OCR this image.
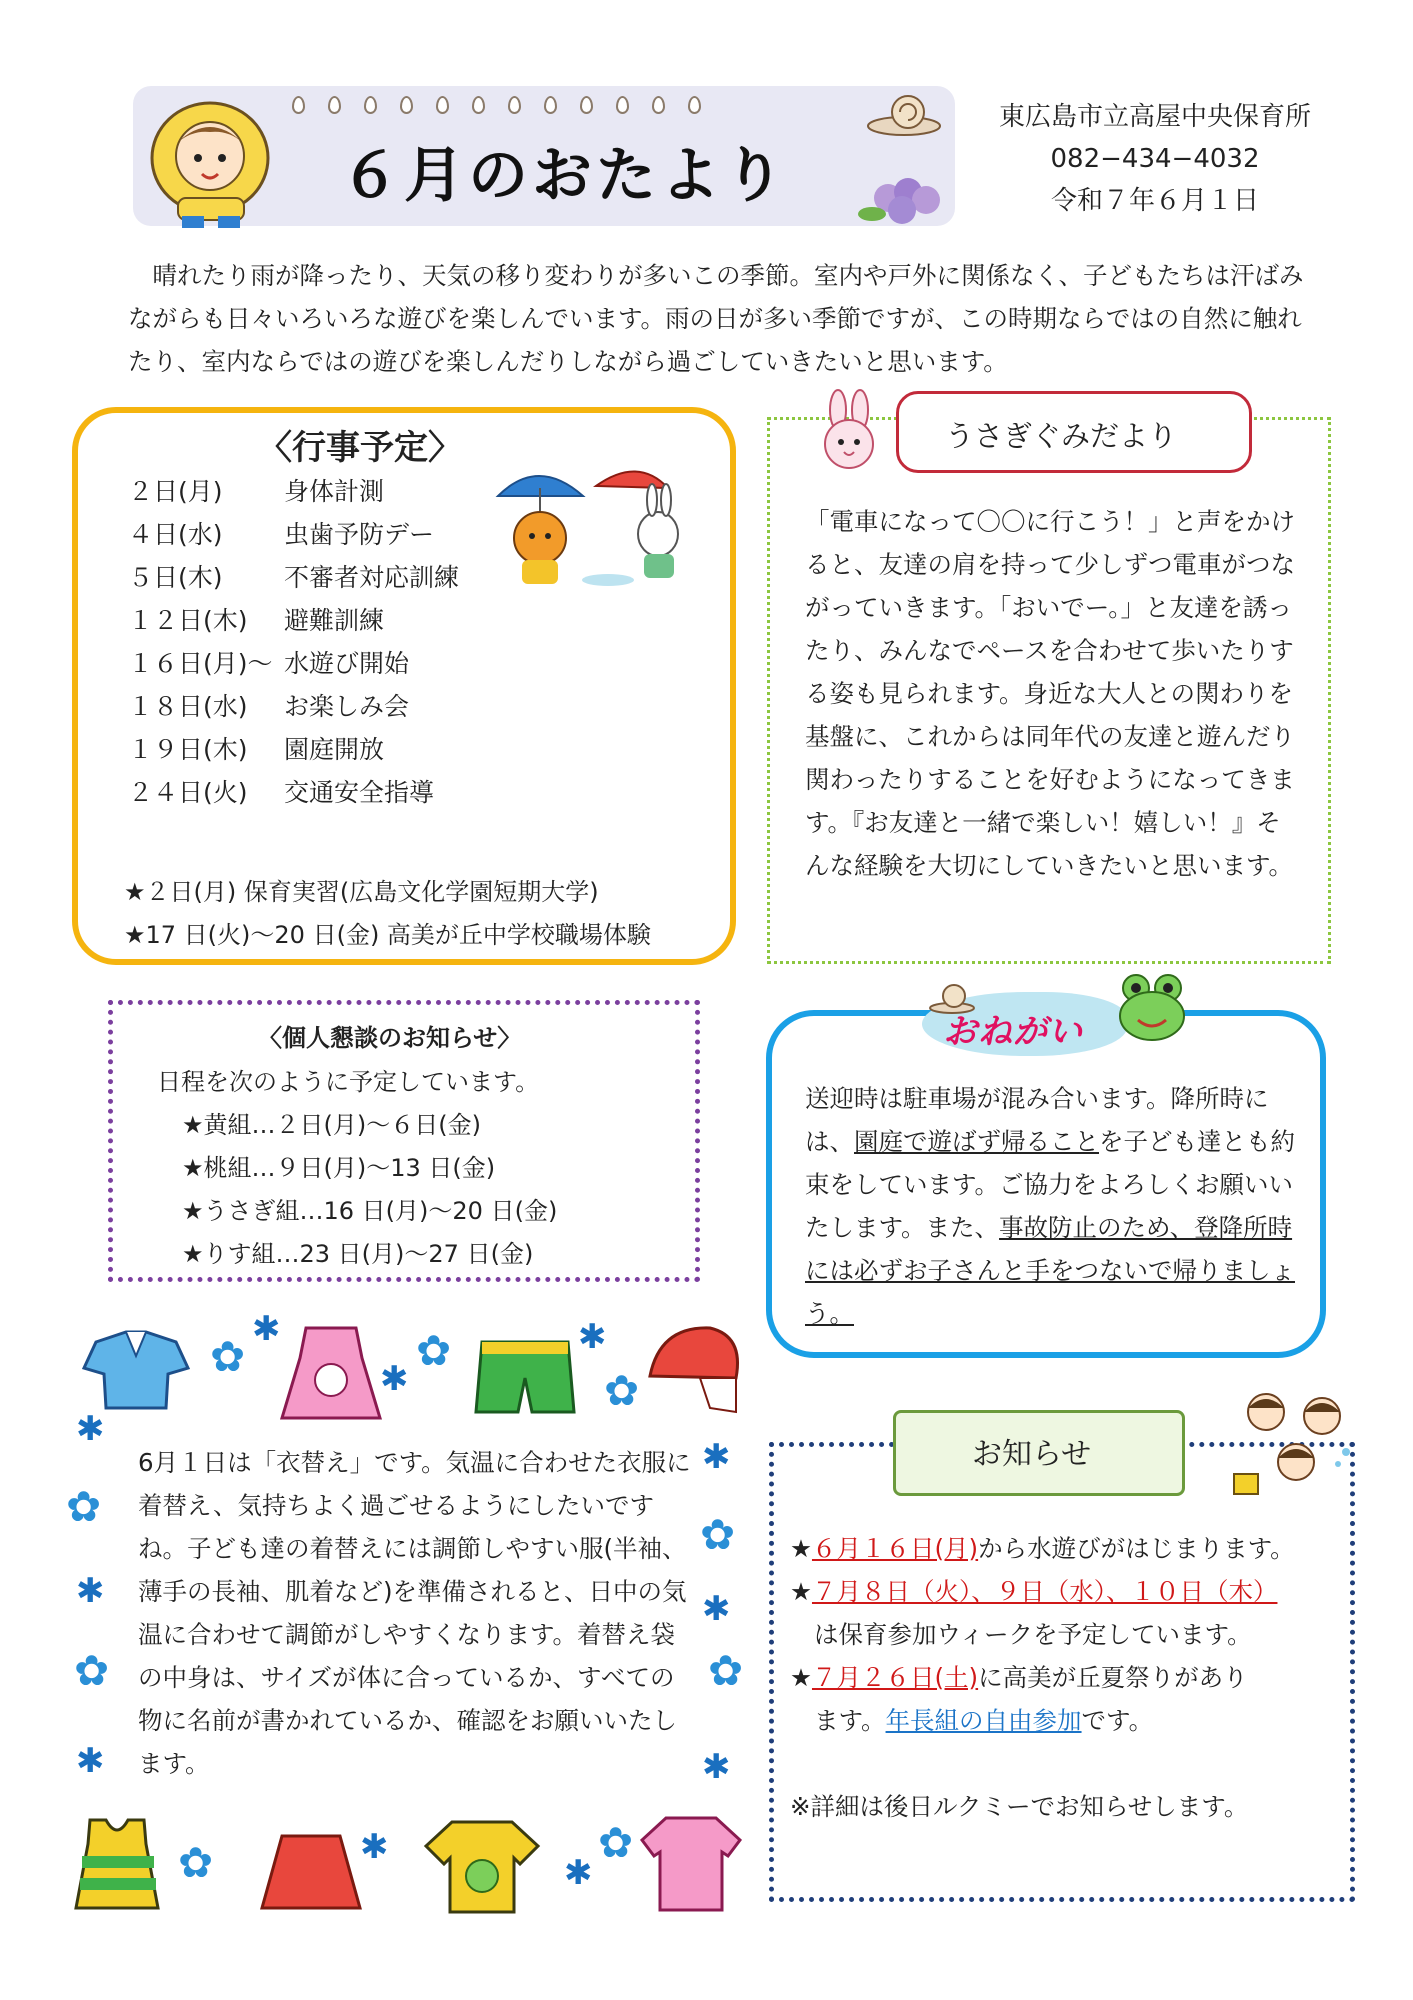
６月のおたより
東広島市立高屋中央保育所
082−434−4032
令和７年６月１日
晴れたり雨が降ったり、天気の移り変わりが多いこの季節。室内や戸外に関係なく、子どもたちは汗ばみながらも日々いろいろな遊びを楽しんでいます。雨の日が多い季節ですが、この時期ならではの自然に触れたり、室内ならではの遊びを楽しんだりしながら過ごしていきたいと思います。
〈行事予定〉
２日(月)	身体計測
４日(水)	虫歯予防デー
５日(木)	不審者対応訓練
１２日(木)	避難訓練
１６日(月)〜 水遊び開始
１８日(水)	お楽しみ会
１９日(木)	園庭開放
２４日(火)	交通安全指導
★２日(月) 保育実習(広島文化学園短期大学)
★17 日(火)〜20 日(金) 高美が丘中学校職場体験
うさぎぐみだより
「電車になって〇〇に行こう！」と声をかけると、友達の肩を持って少しずつ電車がつながっていきます。「おいでー。」と友達を誘ったり、みんなでペースを合わせて歩いたりする姿も見られます。身近な大人との関わりを基盤に、これからは同年代の友達と遊んだり関わったりすることを好むようになってきます。『お友達と一緒で楽しい！嬉しい！』そんな経験を大切にしていきたいと思います。
〈個人懇談のお知らせ〉
日程を次のように予定しています。
★黄組…２日(月)〜６日(金)
★桃組…９日(月)〜13 日(金)
★うさぎ組…16 日(月)〜20 日(金)
★りす組…23 日(月)〜27 日(金)
おねがい
送迎時は駐車場が混み合います。降所時には、園庭で遊ばず帰ることを子ども達とも約束をしています。ご協力をよろしくお願いいたします。また、事故防止のため、登降所時には必ずお子さんと手をつないで帰りましょう。
✿	✿
✿
✿
✿
✿
✿
✿	✿
✱
✱
✱
✱
✱
✱
✱
✱
✱
✱
✱
6月１日は「衣替え」です。気温に合わせた衣服に着替え、気持ちよく過ごせるようにしたいですね。子ども達の着替えには調節しやすい服(半袖、薄手の長袖、肌着など)を準備されると、日中の気温に合わせて調節がしやすくなります。着替え袋の中身は、サイズが体に合っているか、すべての物に名前が書かれているか、確認をお願いいたします。
お知らせ
★６月１６日(月)から水遊びがはじまります。
★７月８日（火）、９日（水）、１０日（木）
は保育参加ウィークを予定しています。
★７月２６日(土)に高美が丘夏祭りがあり
ます。年長組の自由参加です。
※詳細は後日ルクミーでお知らせします。
